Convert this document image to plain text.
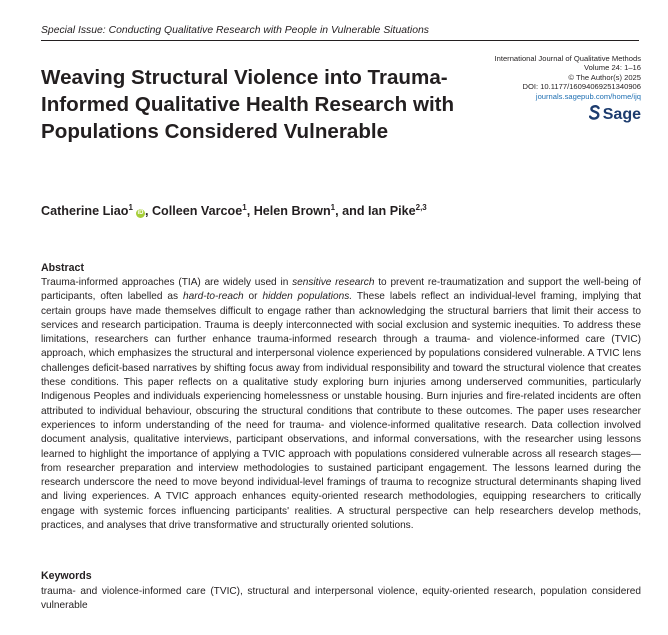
Special Issue: Conducting Qualitative Research with People in Vulnerable Situations
International Journal of Qualitative Methods
Volume 24: 1–16
© The Author(s) 2025
DOI: 10.1177/16094069251340906
journals.sagepub.com/home/ijq
Sage
Weaving Structural Violence into Trauma-Informed Qualitative Health Research with Populations Considered Vulnerable
Catherine Liao$^1$iD , Colleen Varcoe$^1$, Helen Brown$^1$, and Ian Pike$^{2,3}$
Abstract
Trauma-informed approaches (TIA) are widely used in sensitive research to prevent re-traumatization and support the well-being of participants, often labelled as hard-to-reach or hidden populations. These labels reflect an individual-level framing, implying that certain groups have made themselves difficult to engage rather than acknowledging the structural barriers that limit their access to services and research participation. Trauma is deeply interconnected with social exclusion and systemic inequities. To address these limitations, researchers can further enhance trauma-informed research through a trauma- and violence-informed care (TVIC) approach, which emphasizes the structural and interpersonal violence experienced by populations considered vulnerable. A TVIC lens challenges deficit-based narratives by shifting focus away from individual responsibility and toward the structural violence that creates these conditions. This paper reflects on a qualitative study exploring burn injuries among underserved communities, particularly Indigenous Peoples and individuals experiencing homelessness or unstable housing. Burn injuries and fire-related incidents are often attributed to individual behaviour, obscuring the structural conditions that contribute to these outcomes. The paper uses researcher experiences to inform understanding of the need for trauma- and violence-informed qualitative research. Data collection involved document analysis, qualitative interviews, participant observations, and informal conversations, with the researcher using lessons learned to highlight the importance of applying a TVIC approach with populations considered vulnerable across all research stages—from researcher preparation and interview methodologies to sustained participant engagement. The lessons learned during the research underscore the need to move beyond individual-level framings of trauma to recognize structural determinants shaping lived and living experiences. A TVIC approach enhances equity-oriented research methodologies, equipping researchers to critically engage with systemic forces influencing participants' realities. A structural perspective can help researchers develop methods, practices, and analyses that drive transformative and structurally oriented solutions.
Keywords
trauma- and violence-informed care (TVIC), structural and interpersonal violence, equity-oriented research, population considered vulnerable
